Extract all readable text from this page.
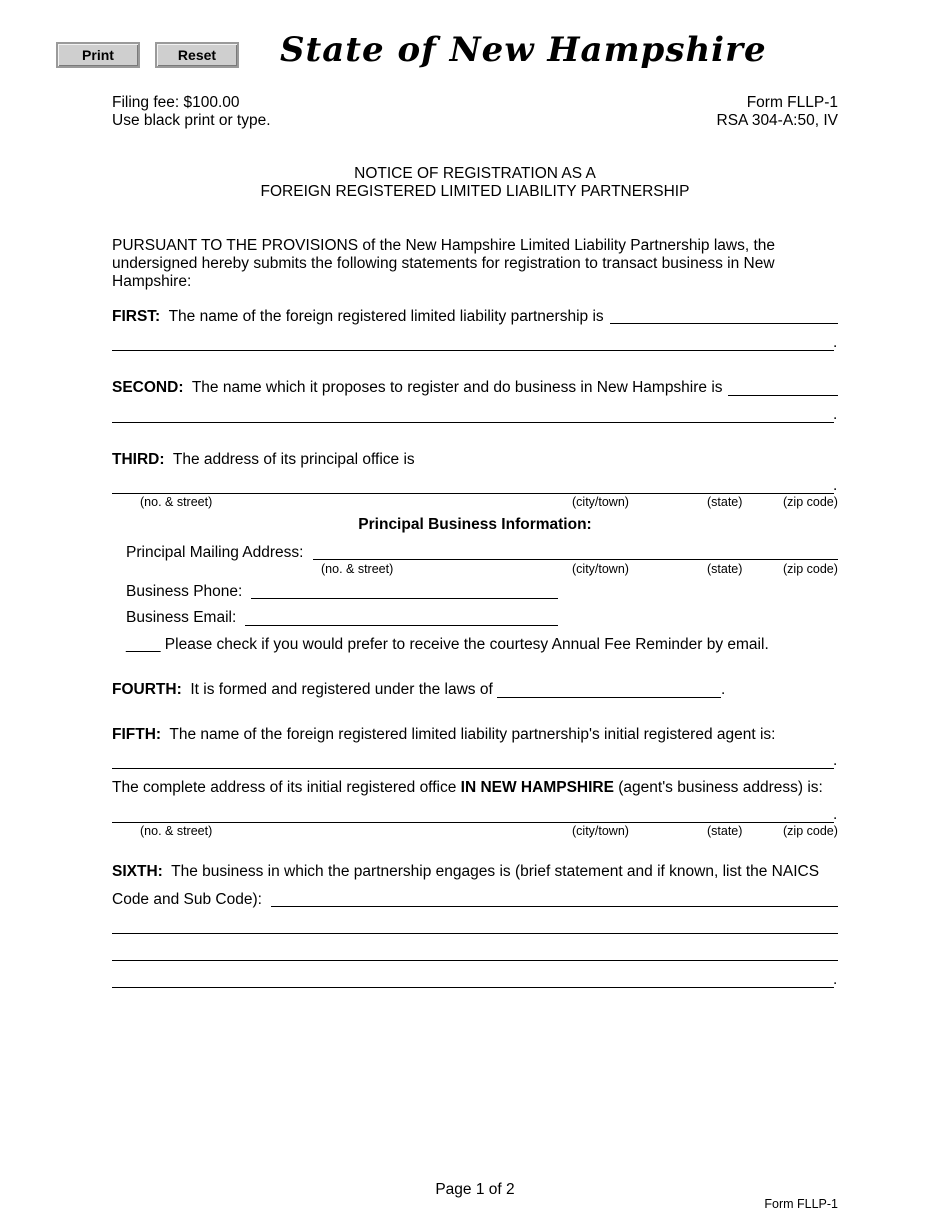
Print	Reset	State of New Hampshire
Filing fee: $100.00
Use black print or type.
Form FLLP-1
RSA 304-A:50, IV
NOTICE OF REGISTRATION AS A
FOREIGN REGISTERED LIMITED LIABILITY PARTNERSHIP
PURSUANT TO THE PROVISIONS of the New Hampshire Limited Liability Partnership laws, the
undersigned hereby submits the following statements for registration to transact business in New
Hampshire:
FIRST: The name of the foreign registered limited liability partnership is
.
SECOND: The name which it proposes to register and do business in New Hampshire is
.
THIRD: The address of its principal office is
.
(no. & street)	(city/town)	(state)	(zip code)
Principal Business Information:
Principal Mailing Address:
(no. & street)	(city/town)	(state)	(zip code)
Business Phone:
Business Email:
____ Please check if you would prefer to receive the courtesy Annual Fee Reminder by email.
FOURTH: It is formed and registered under the laws of	.
FIFTH: The name of the foreign registered limited liability partnership's initial registered agent is:
.
The complete address of its initial registered office IN NEW HAMPSHIRE (agent's business address) is:
.
(no. & street)	(city/town)	(state)	(zip code)
SIXTH: The business in which the partnership engages is (brief statement and if known, list the NAICS
Code and Sub Code):
.
Page 1 of 2
Form FLLP-1
